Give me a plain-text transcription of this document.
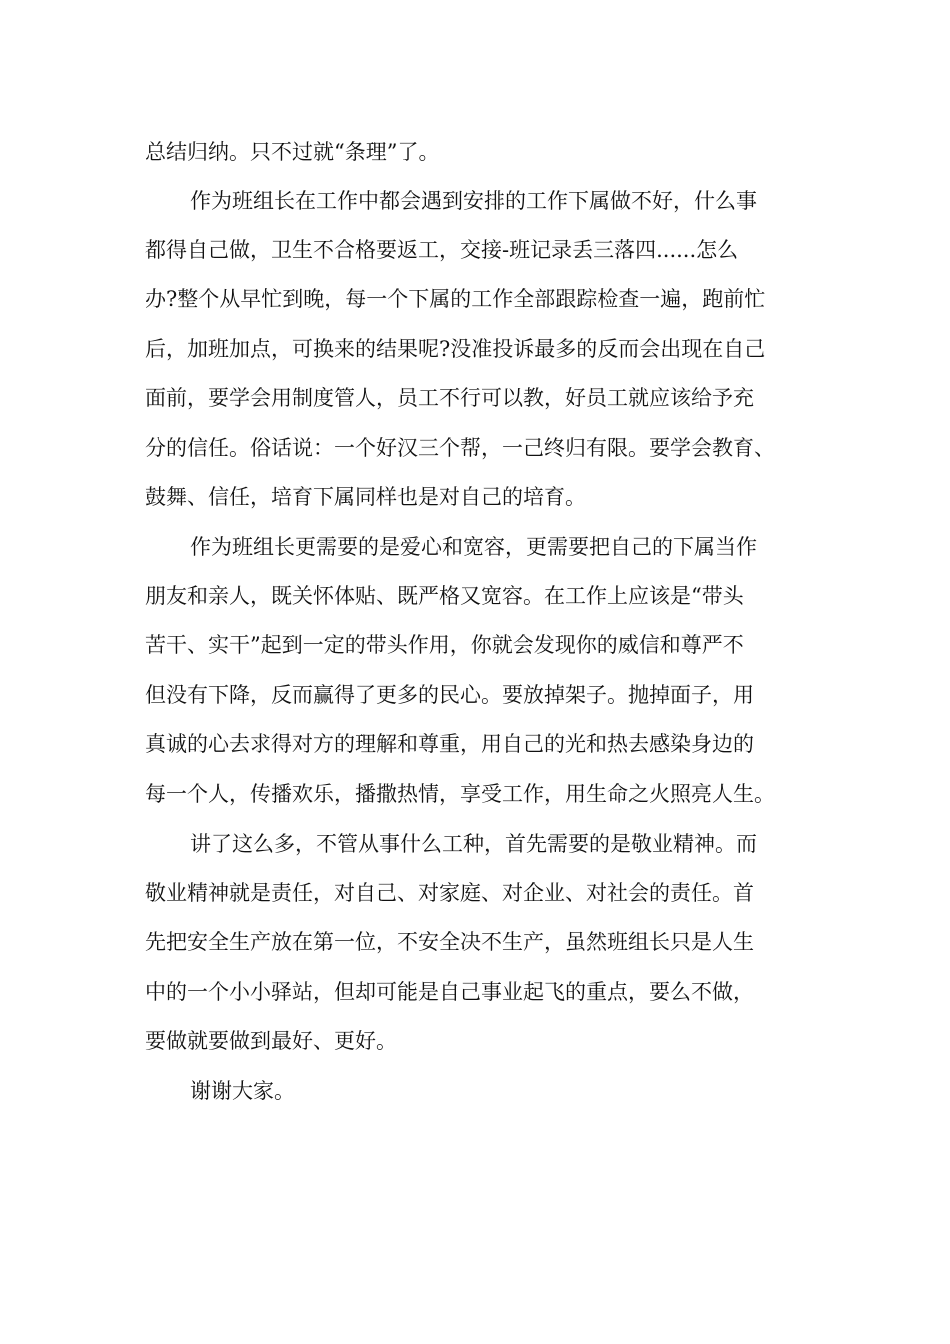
总结归纳。只不过就“条理”了。
作为班组长在工作中都会遇到安排的工作下属做不好，什么事
都得自己做，卫生不合格要返工，交接-班记录丢三落四......怎么
办?整个从早忙到晚，每一个下属的工作全部跟踪检查一遍，跑前忙
后，加班加点，可换来的结果呢?没准投诉最多的反而会出现在自己
面前，要学会用制度管人，员工不行可以教，好员工就应该给予充
分的信任。俗话说：一个好汉三个帮，一己终归有限。要学会教育、
鼓舞、信任，培育下属同样也是对自己的培育。
作为班组长更需要的是爱心和宽容，更需要把自己的下属当作
朋友和亲人，既关怀体贴、既严格又宽容。在工作上应该是“带头
苦干、实干”起到一定的带头作用，你就会发现你的威信和尊严不
但没有下降，反而赢得了更多的民心。要放掉架子。抛掉面子，用
真诚的心去求得对方的理解和尊重，用自己的光和热去感染身边的
每一个人，传播欢乐，播撒热情，享受工作，用生命之火照亮人生。
讲了这么多，不管从事什么工种，首先需要的是敬业精神。而
敬业精神就是责任，对自己、对家庭、对企业、对社会的责任。首
先把安全生产放在第一位，不安全决不生产，虽然班组长只是人生
中的一个小小驿站，但却可能是自己事业起飞的重点，要么不做，
要做就要做到最好、更好。
谢谢大家。
